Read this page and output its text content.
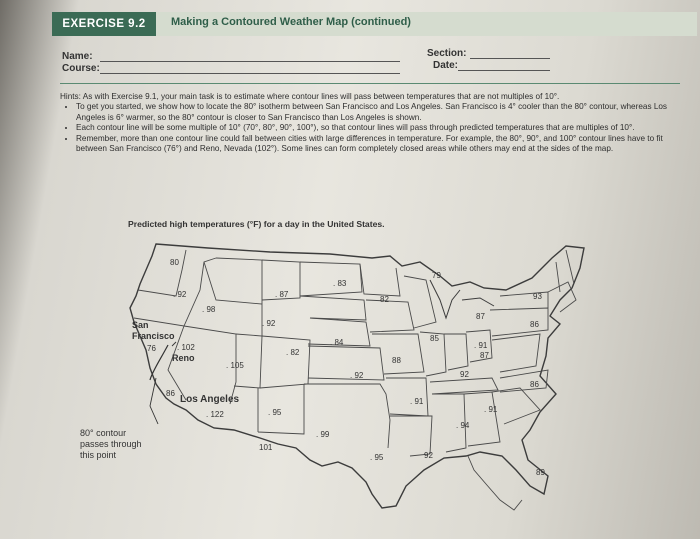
EXERCISE 9.2	Making a Contoured Weather Map (continued)
Name:
Course:
Section:
Date:

Hints: As with Exercise 9.1, your main task is to estimate where contour lines will pass between temperatures that are not multiples of 10°.

• To get you started, we show how to locate the 80° isotherm between San Francisco and Los Angeles. San Francisco is 4° cooler than the 80° contour, whereas Los Angeles is 6° warmer, so the 80° contour is closer to San Francisco than Los Angeles is shown.
• Each contour line will be some multiple of 10° (70°, 80°, 90°, 100°), so that contour lines will pass through predicted temperatures that are multiples of 10°.
• Remember, more than one contour line could fall between cities with large differences in temperature. For example, the 80°, 90°, and 100° contour lines have to fit between San Francisco (76°) and Reno, Nevada (102°). Some lines can form completely closed areas while others may end at the sides of the map.
Predicted high temperatures (°F) for a day in the United States.
80
. 92	. 87
. 83
79
. 98
82
. 92
93
87
86
. 84	85
. 91
76	. 102
. 82
88
87
. 105
. 92	92
86
86
. 122	. 95
. 91
. 91
. 94
. 99
101
. 95	92
89
San
Francisco
Reno
Los Angeles
80° contour
passes through
this point
